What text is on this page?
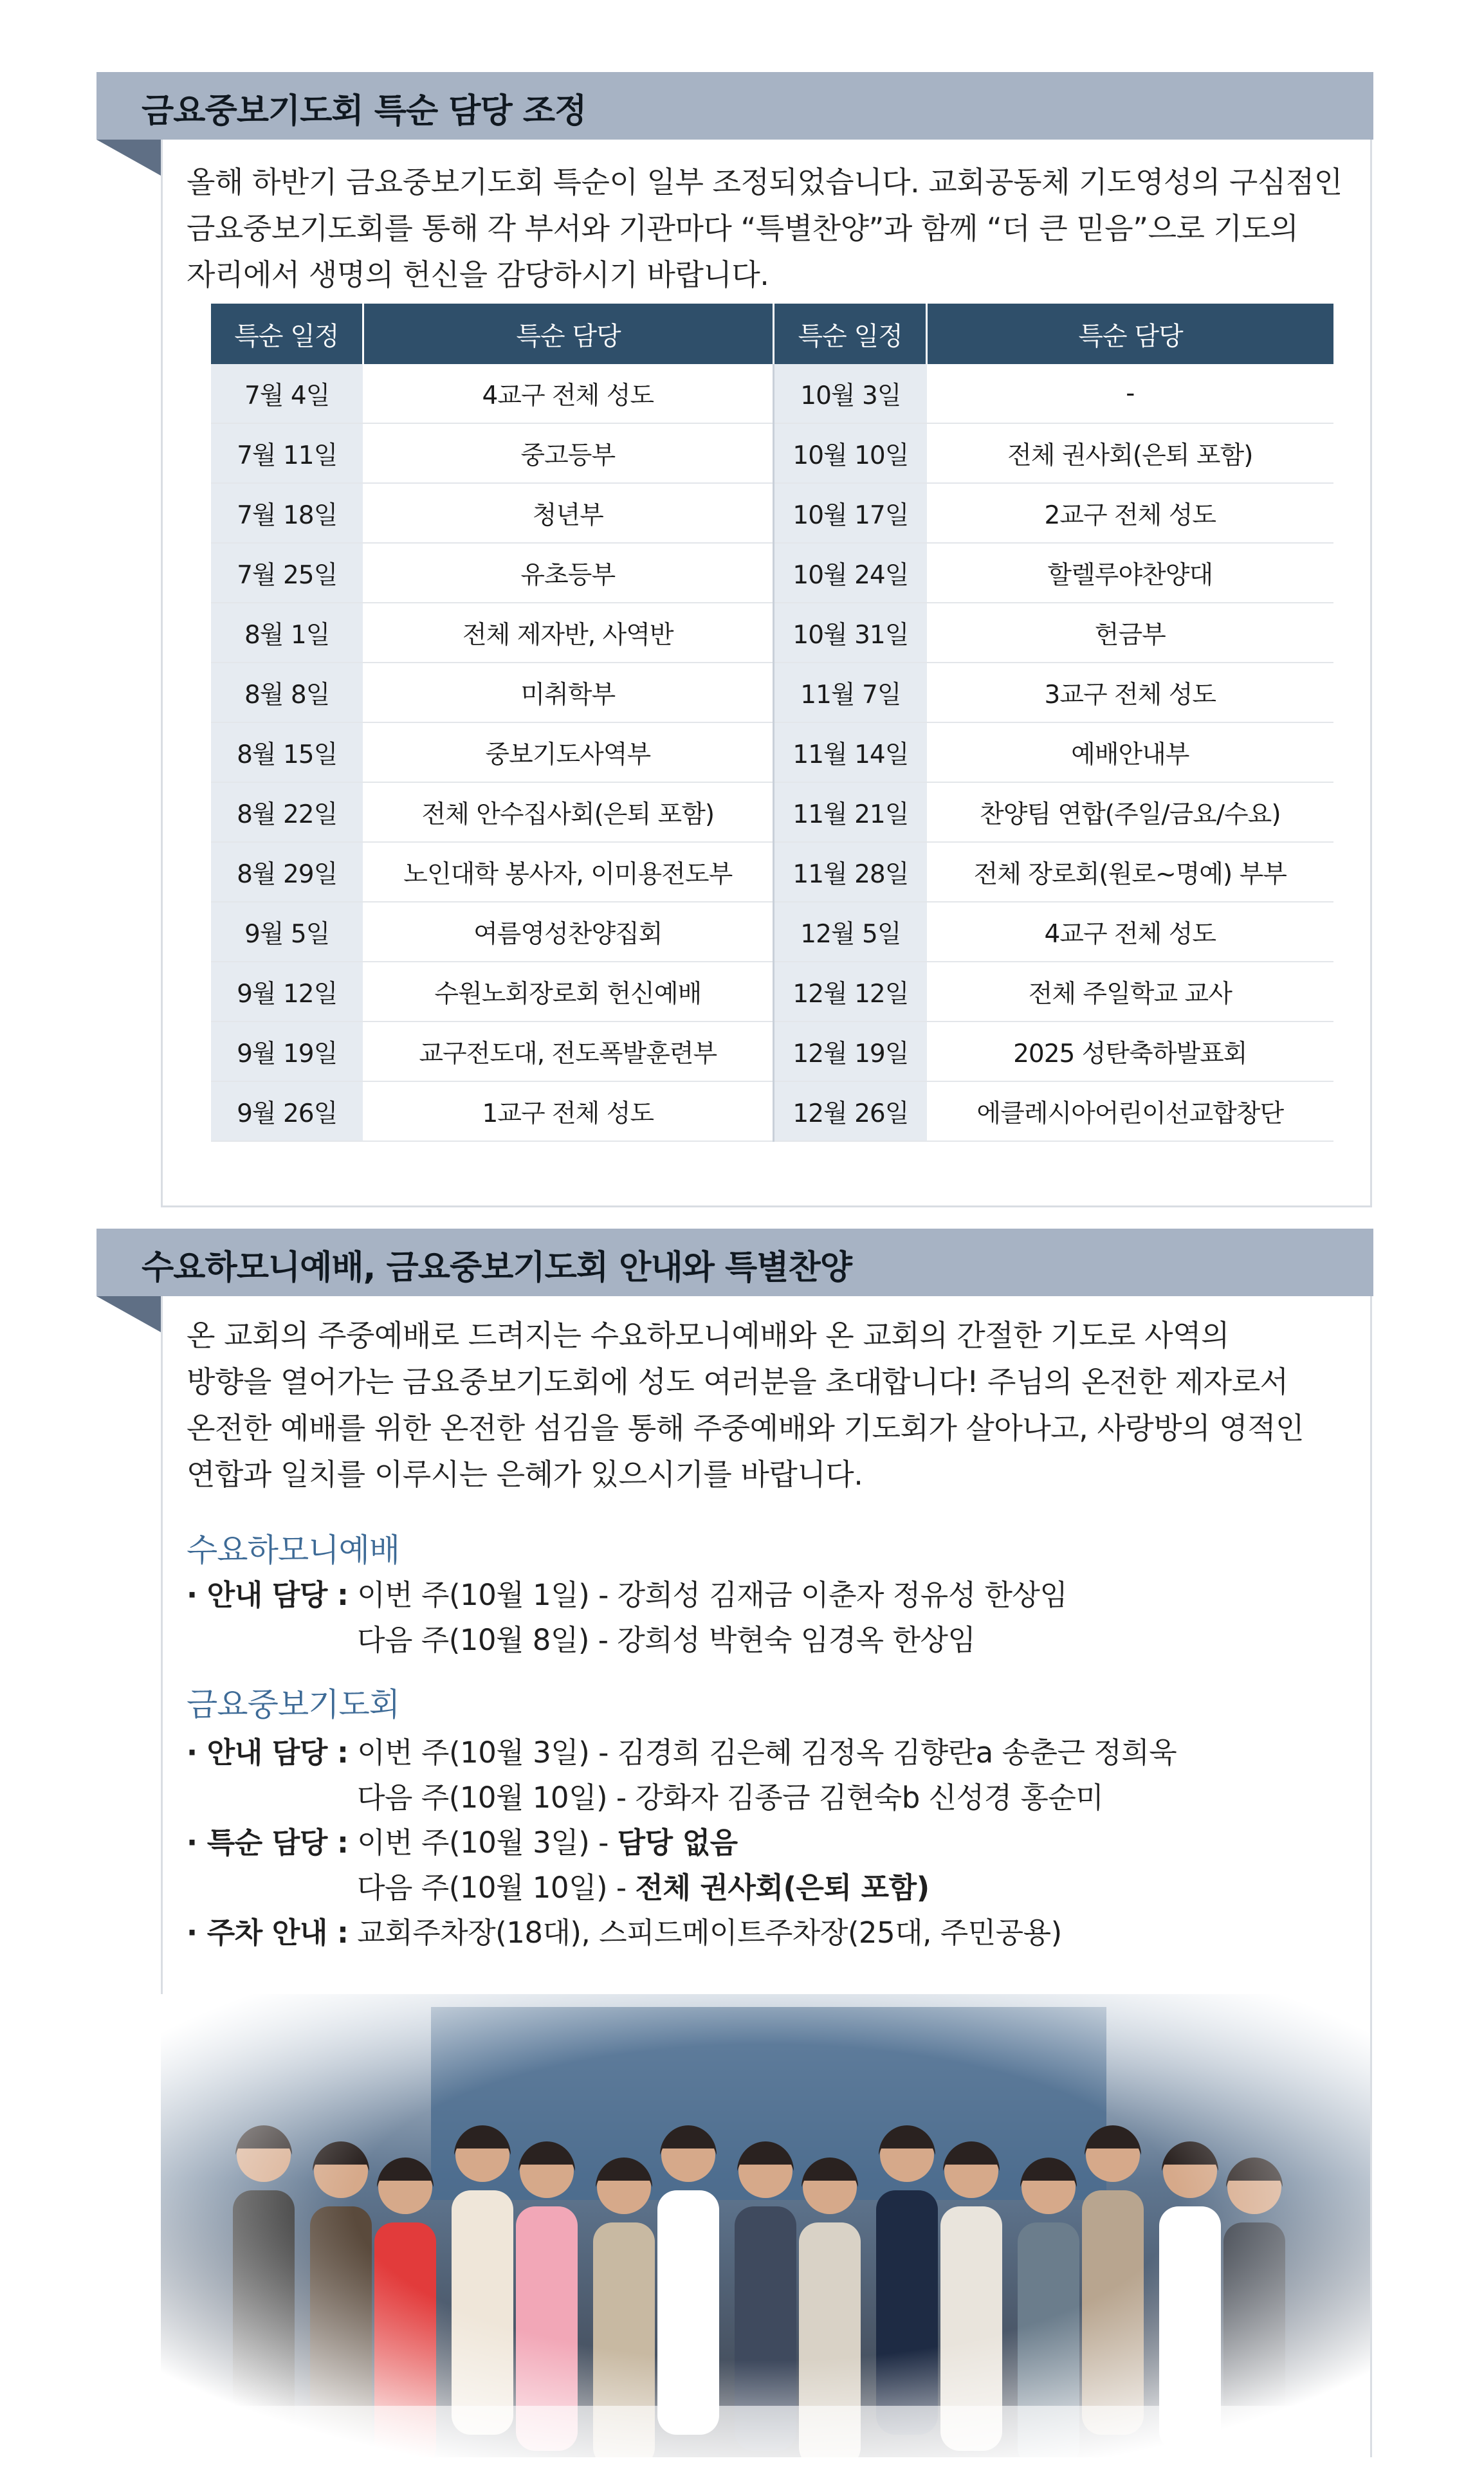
금요중보기도회 특순 담당 조정
올해 하반기 금요중보기도회 특순이 일부 조정되었습니다. 교회공동체 기도영성의 구심점인
금요중보기도회를 통해 각 부서와 기관마다 “특별찬양”과 함께 “더 큰 믿음”으로 기도의
자리에서 생명의 헌신을 감당하시기 바랍니다.
특순 일정	특순 담당	특순 일정	특순 담당
7월 4일	4교구 전체 성도	10월 3일	-
7월 11일	중고등부	10월 10일	전체 권사회(은퇴 포함)
7월 18일	청년부	10월 17일	2교구 전체 성도
7월 25일	유초등부	10월 24일	할렐루야찬양대
8월 1일	전체 제자반, 사역반	10월 31일	헌금부
8월 8일	미취학부	11월 7일	3교구 전체 성도
8월 15일	중보기도사역부	11월 14일	예배안내부
8월 22일	전체 안수집사회(은퇴 포함)	11월 21일	찬양팀 연합(주일/금요/수요)
8월 29일	노인대학 봉사자, 이미용전도부	11월 28일	전체 장로회(원로~명예) 부부
9월 5일	여름영성찬양집회	12월 5일	4교구 전체 성도
9월 12일	수원노회장로회 헌신예배	12월 12일	전체 주일학교 교사
9월 19일	교구전도대, 전도폭발훈련부	12월 19일	2025 성탄축하발표회
9월 26일	1교구 전체 성도	12월 26일	에클레시아어린이선교합창단
수요하모니예배, 금요중보기도회 안내와 특별찬양
온 교회의 주중예배로 드려지는 수요하모니예배와 온 교회의 간절한 기도로 사역의
방향을 열어가는 금요중보기도회에 성도 여러분을 초대합니다! 주님의 온전한 제자로서
온전한 예배를 위한 온전한 섬김을 통해 주중예배와 기도회가 살아나고, 사랑방의 영적인
연합과 일치를 이루시는 은혜가 있으시기를 바랍니다.
수요하모니예배
· 안내 담당 : 이번 주(10월 1일) - 강희성 김재금 이춘자 정유성 한상임
다음 주(10월 8일) - 강희성 박현숙 임경옥 한상임
금요중보기도회
· 안내 담당 : 이번 주(10월 3일) - 김경희 김은혜 김정옥 김향란a 송춘근 정희욱
다음 주(10월 10일) - 강화자 김종금 김현숙b 신성경 홍순미
· 특순 담당 : 이번 주(10월 3일) - 담당 없음
다음 주(10월 10일) - 전체 권사회(은퇴 포함)
· 주차 안내 : 교회주차장(18대), 스피드메이트주차장(25대, 주민공용)
